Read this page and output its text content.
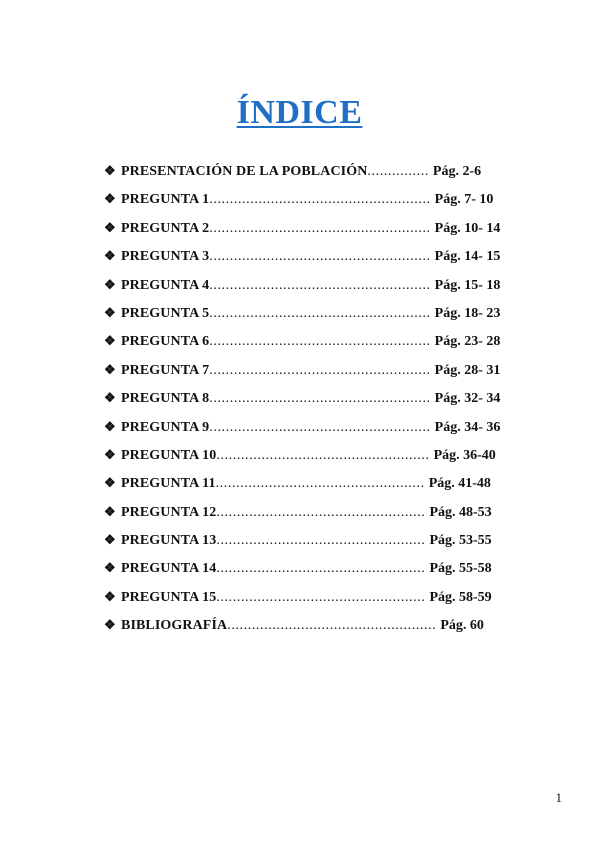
ÍNDICE
❖ PRESENTACIÓN DE LA POBLACIÓN ............... Pág. 2-6
❖ PREGUNTA 1 ...................................................... Pág. 7- 10
❖ PREGUNTA 2 ...................................................... Pág. 10- 14
❖ PREGUNTA 3 ...................................................... Pág. 14- 15
❖ PREGUNTA 4 ...................................................... Pág. 15- 18
❖ PREGUNTA 5 ...................................................... Pág. 18- 23
❖ PREGUNTA 6 ...................................................... Pág. 23- 28
❖ PREGUNTA 7 ...................................................... Pág. 28- 31
❖ PREGUNTA 8 ...................................................... Pág. 32- 34
❖ PREGUNTA 9 ...................................................... Pág. 34- 36
❖ PREGUNTA 10 .................................................... Pág. 36-40
❖ PREGUNTA 11 ................................................... Pág. 41-48
❖ PREGUNTA 12 ................................................... Pág. 48-53
❖ PREGUNTA 13 ................................................... Pág. 53-55
❖ PREGUNTA 14 ................................................... Pág. 55-58
❖ PREGUNTA 15 ................................................... Pág. 58-59
❖ BIBLIOGRAFÍA ................................................... Pág. 60
1
